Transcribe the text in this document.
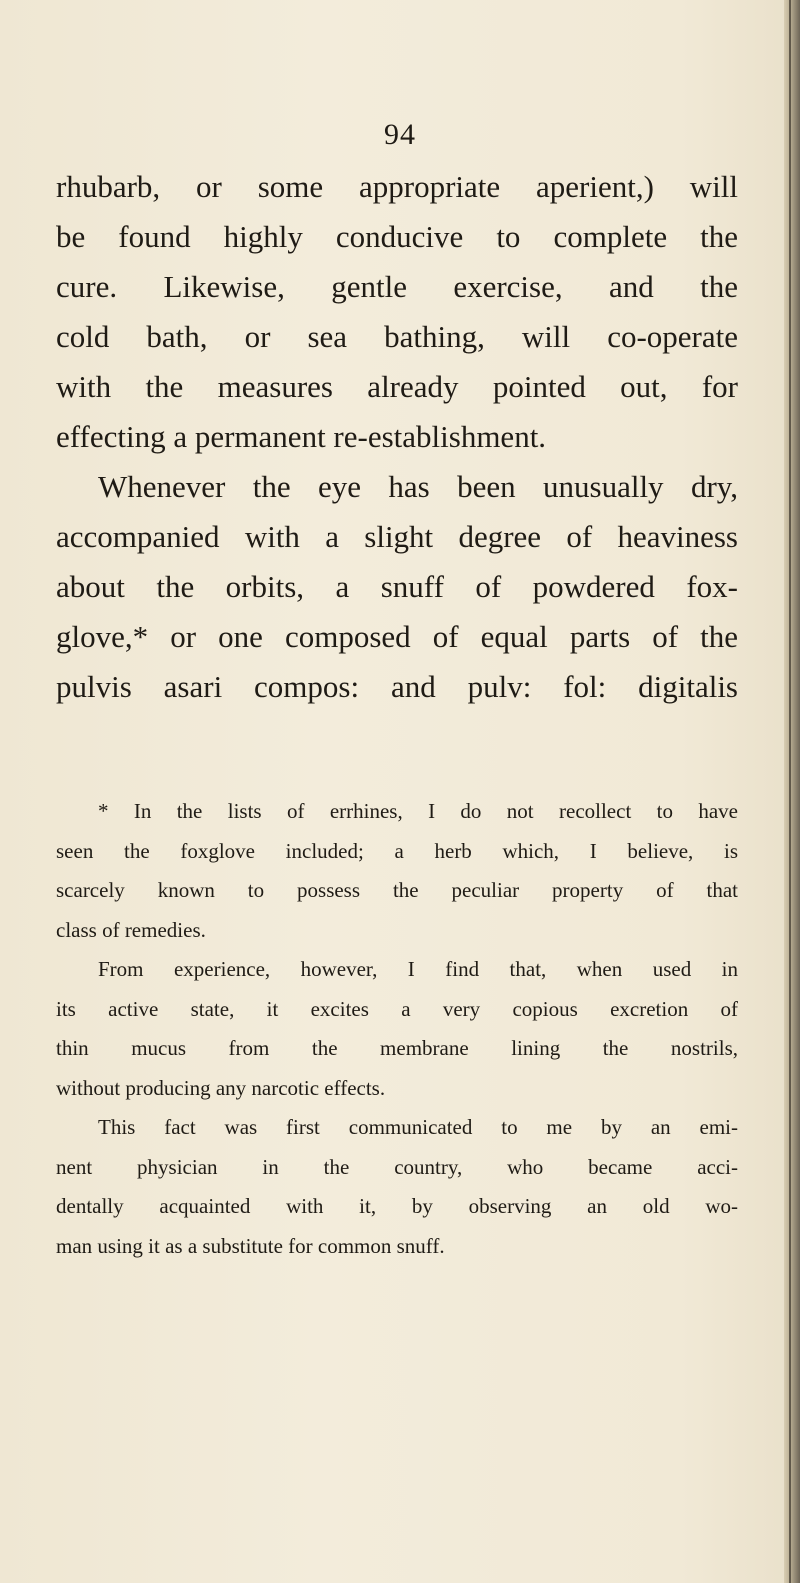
94

rhubarb, or some appropriate aperient,) will

be found highly conducive to complete the

cure. Likewise, gentle exercise, and the

cold bath, or sea bathing, will co-operate

with the measures already pointed out, for

effecting a permanent re-establishment.

Whenever the eye has been unusually dry,

accompanied with a slight degree of heaviness

about the orbits, a snuff of powdered fox-

glove,* or one composed of equal parts of the

pulvis asari compos: and pulv: fol: digitalis

* In the lists of errhines, I do not recollect to have

seen the foxglove included; a herb which, I believe, is

scarcely known to possess the peculiar property of that

class of remedies.

From experience, however, I find that, when used in

its active state, it excites a very copious excretion of

thin mucus from the membrane lining the nostrils,

without producing any narcotic effects.

This fact was first communicated to me by an emi-

nent physician in the country, who became acci-

dentally acquainted with it, by observing an old wo-

man using it as a substitute for common snuff.
